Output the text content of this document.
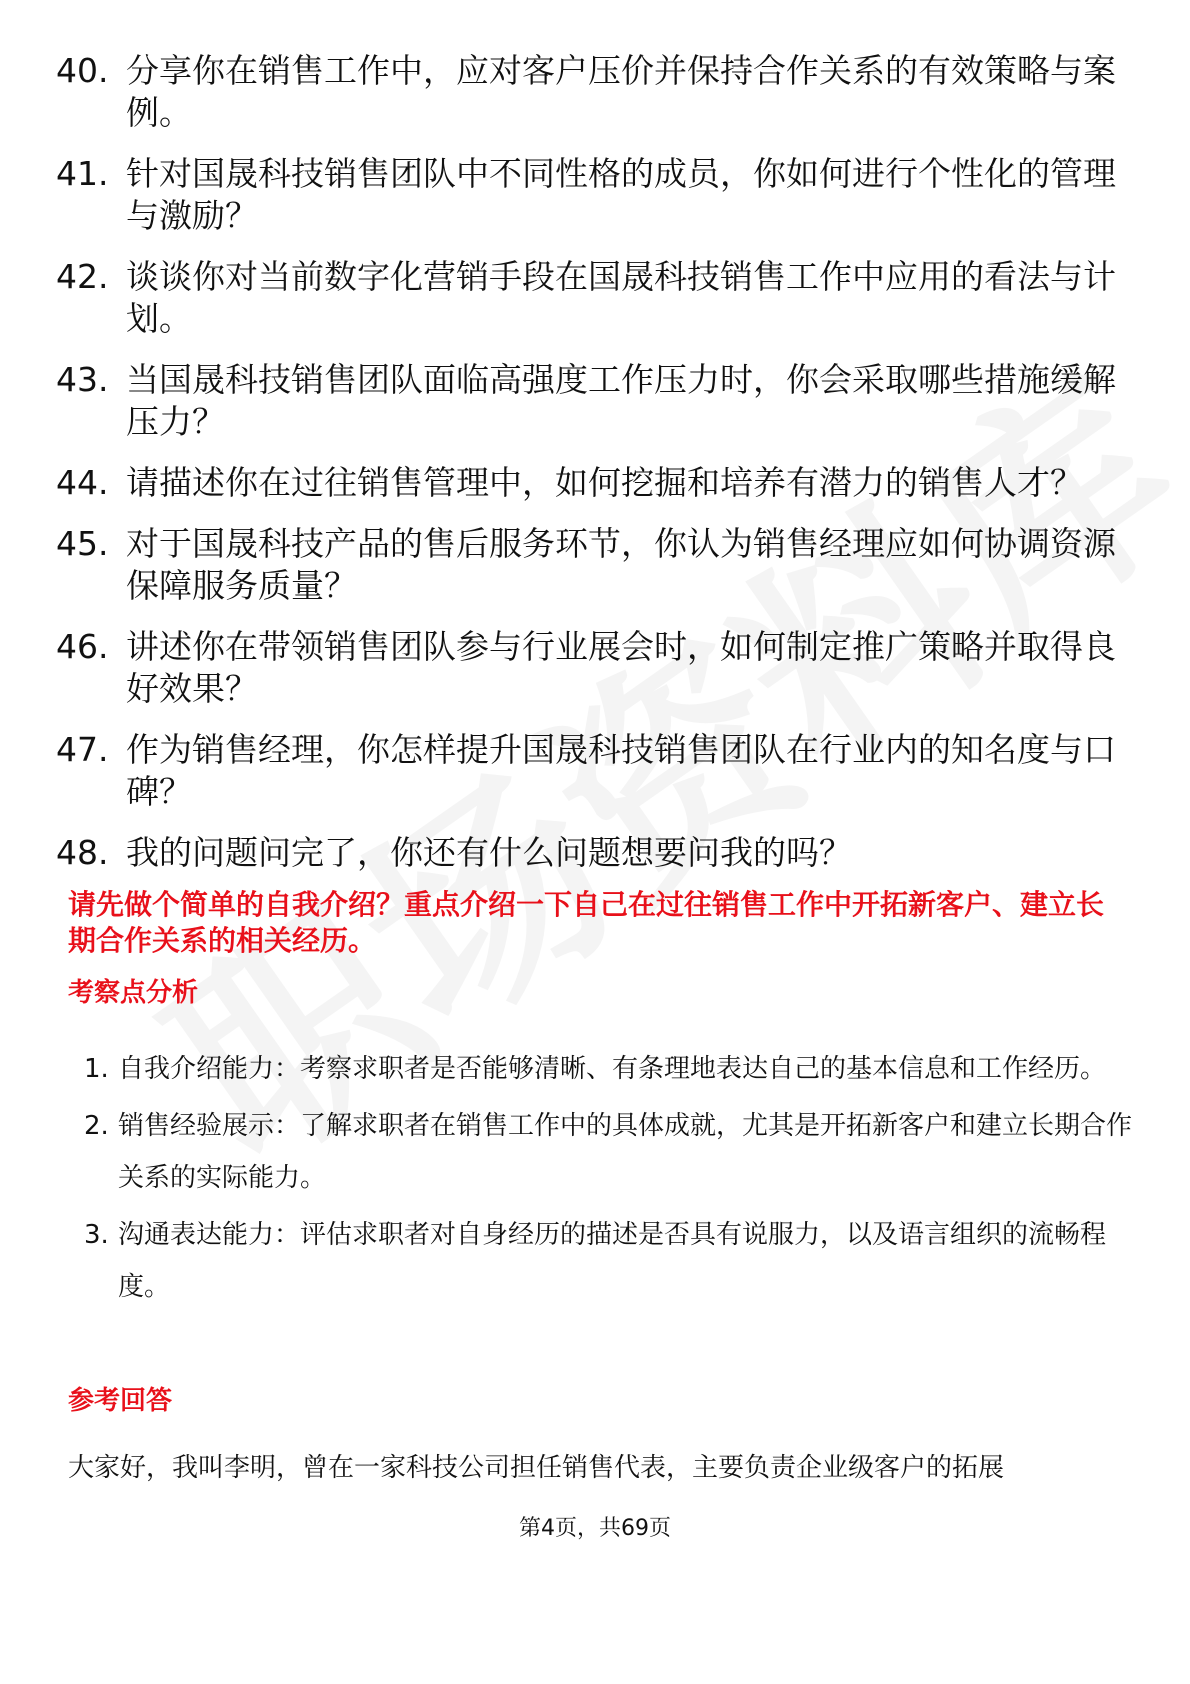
40. 分享你在销售工作中，应对客户压价并保持合作关系的有效策略与案例。
41. 针对国晟科技销售团队中不同性格的成员，你如何进行个性化的管理与激励？
42. 谈谈你对当前数字化营销手段在国晟科技销售工作中应用的看法与计划。
43. 当国晟科技销售团队面临高强度工作压力时，你会采取哪些措施缓解压力？
44. 请描述你在过往销售管理中，如何挖掘和培养有潜力的销售人才？
45. 对于国晟科技产品的售后服务环节，你认为销售经理应如何协调资源保障服务质量？
46. 讲述你在带领销售团队参与行业展会时，如何制定推广策略并取得良好效果？
47. 作为销售经理，你怎样提升国晟科技销售团队在行业内的知名度与口碑？
48. 我的问题问完了，你还有什么问题想要问我的吗？
请先做个简单的自我介绍？重点介绍一下自己在过往销售工作中开拓新客户、建立长期合作关系的相关经历。
考察点分析
1. 自我介绍能力：考察求职者是否能够清晰、有条理地表达自己的基本信息和工作经历。
2. 销售经验展示：了解求职者在销售工作中的具体成就，尤其是开拓新客户和建立长期合作关系的实际能力。
3. 沟通表达能力：评估求职者对自身经历的描述是否具有说服力，以及语言组织的流畅程度。
参考回答
大家好，我叫李明，曾在一家科技公司担任销售代表，主要负责企业级客户的拓展
第4页，共69页
